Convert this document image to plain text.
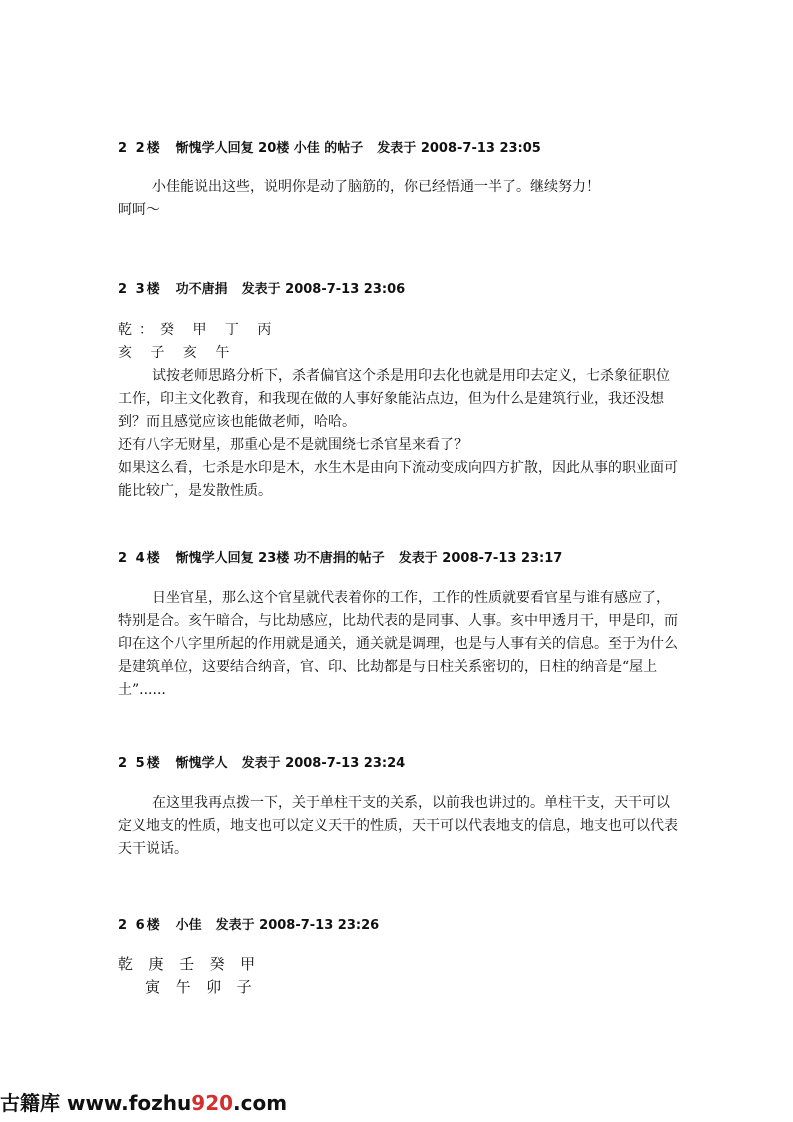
2 2楼 惭愧学人回复 20楼 小佳 的帖子 发表于 2008-7-13 23:05

小佳能说出这些，说明你是动了脑筋的，你已经悟通一半了。继续努力！

呵呵～

2 3楼 功不唐捐 发表于 2008-7-13 23:06

乾：癸 甲 丁 丙

亥 子 亥 午

试按老师思路分析下，杀者偏官这个杀是用印去化也就是用印去定义，七杀象征职位工作，印主文化教育，和我现在做的人事好象能沾点边，但为什么是建筑行业，我还没想到？而且感觉应该也能做老师，哈哈。

还有八字无财星，那重心是不是就围绕七杀官星来看了？

如果这么看，七杀是水印是木，水生木是由向下流动变成向四方扩散，因此从事的职业面可能比较广，是发散性质。

2 4楼 惭愧学人回复 23楼 功不唐捐的帖子 发表于 2008-7-13 23:17

日坐官星，那么这个官星就代表着你的工作，工作的性质就要看官星与谁有感应了，特别是合。亥午暗合，与比劫感应，比劫代表的是同事、人事。亥中甲透月干，甲是印，而印在这个八字里所起的作用就是通关，通关就是调理，也是与人事有关的信息。至于为什么是建筑单位，这要结合纳音，官、印、比劫都是与日柱关系密切的，日柱的纳音是“屋上土”......

2 5楼 惭愧学人 发表于 2008-7-13 23:24

在这里我再点拨一下，关于单柱干支的关系，以前我也讲过的。单柱干支，天干可以定义地支的性质，地支也可以定义天干的性质，天干可以代表地支的信息，地支也可以代表天干说话。

2 6楼 小佳 发表于 2008-7-13 23:26

乾  庚  壬  癸  甲

寅  午  卯  子

古籍库 www.fozhu920.com
